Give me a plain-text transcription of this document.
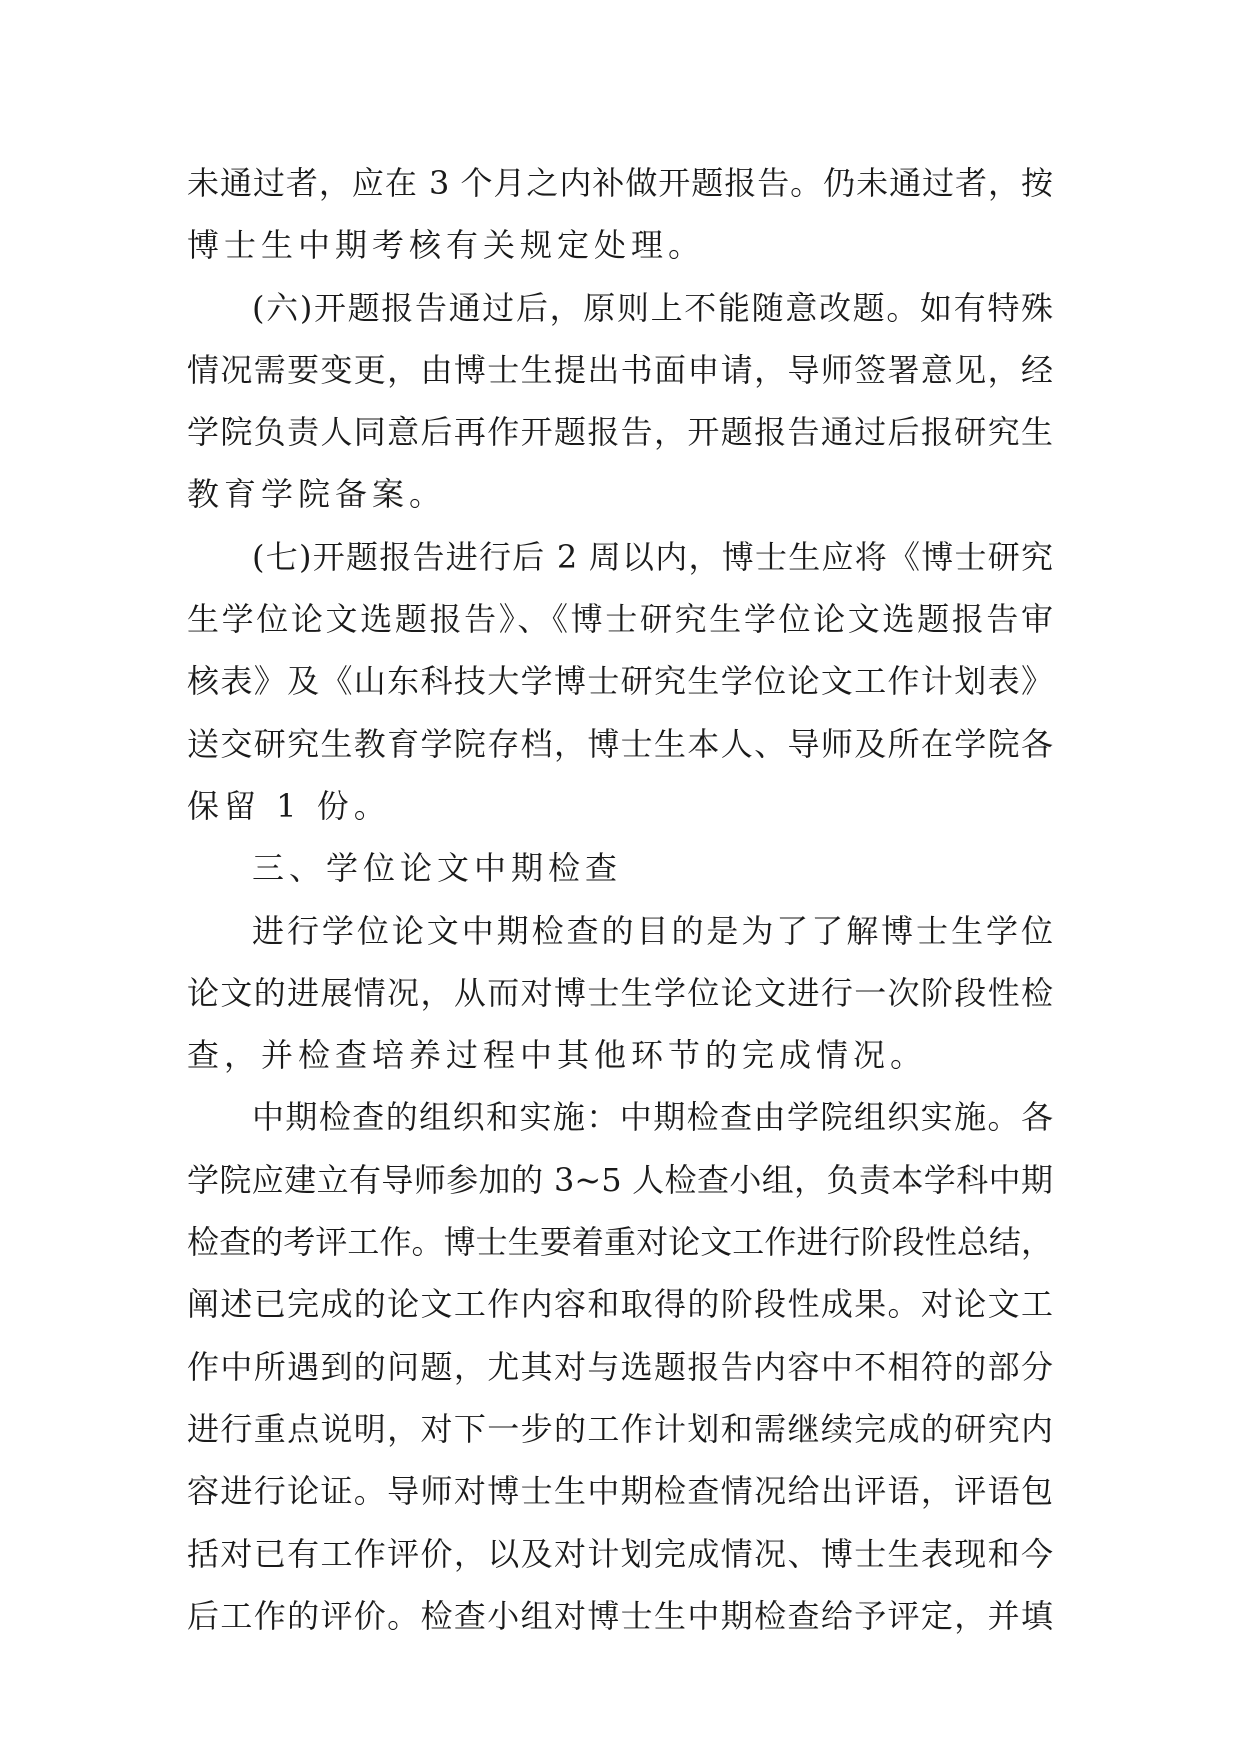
未通过者，应在 3 个月之内补做开题报告。仍未通过者，按
博士生中期考核有关规定处理。
(六)开题报告通过后，原则上不能随意改题。如有特殊
情况需要变更，由博士生提出书面申请，导师签署意见，经
学院负责人同意后再作开题报告，开题报告通过后报研究生
教育学院备案。
(七)开题报告进行后 2 周以内，博士生应将《博士研究
生学位论文选题报告》、《博士研究生学位论文选题报告审
核表》及《山东科技大学博士研究生学位论文工作计划表》
送交研究生教育学院存档，博士生本人、导师及所在学院各
保留 1 份。
三、学位论文中期检查
进行学位论文中期检查的目的是为了了解博士生学位
论文的进展情况，从而对博士生学位论文进行一次阶段性检
查，并检查培养过程中其他环节的完成情况。
中期检查的组织和实施：中期检查由学院组织实施。各
学院应建立有导师参加的 3~5 人检查小组，负责本学科中期
检查的考评工作。博士生要着重对论文工作进行阶段性总结，
阐述已完成的论文工作内容和取得的阶段性成果。对论文工
作中所遇到的问题，尤其对与选题报告内容中不相符的部分
进行重点说明，对下一步的工作计划和需继续完成的研究内
容进行论证。导师对博士生中期检查情况给出评语，评语包
括对已有工作评价，以及对计划完成情况、博士生表现和今
后工作的评价。检查小组对博士生中期检查给予评定，并填
